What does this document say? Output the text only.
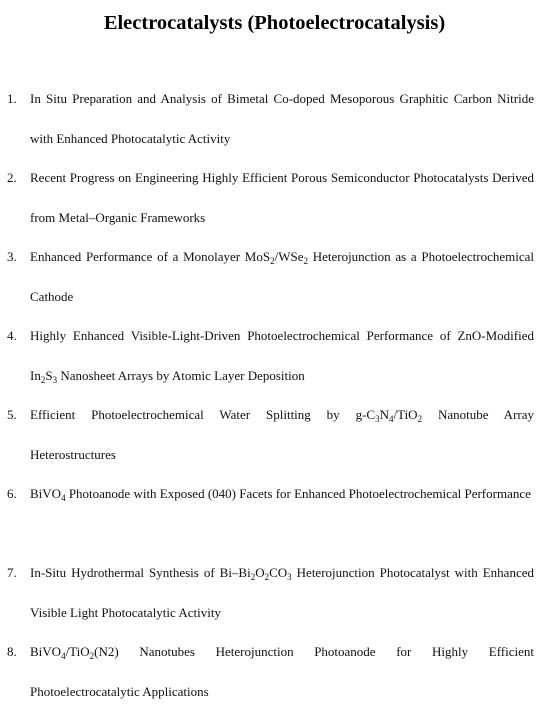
Electrocatalysts (Photoelectrocatalysis)
1. In Situ Preparation and Analysis of Bimetal Co-doped Mesoporous Graphitic Carbon Nitride with Enhanced Photocatalytic Activity
2. Recent Progress on Engineering Highly Efficient Porous Semiconductor Photocatalysts Derived from Metal–Organic Frameworks
3. Enhanced Performance of a Monolayer MoS$_2$/WSe$_2$ Heterojunction as a Photoelectrochemical Cathode
4. Highly Enhanced Visible-Light-Driven Photoelectrochemical Performance of ZnO-Modified $In_2S_3$ Nanosheet Arrays by Atomic Layer Deposition
5. Efficient Photoelectrochemical Water Splitting by $g-C_3N_4/TiO_2$ Nanotube Array Heterostructures
6. BiVO$_4$ Photoanode with Exposed (040) Facets for Enhanced Photoelectrochemical Performance
7. In-Situ Hydrothermal Synthesis of $Bi-Bi_2O_2CO_3$ Heterojunction Photocatalyst with Enhanced Visible Light Photocatalytic Activity
8. BiVO$_4$/TiO$_2$(N2) Nanotubes Heterojunction Photoanode for Highly Efficient Photoelectrocatalytic Applications
